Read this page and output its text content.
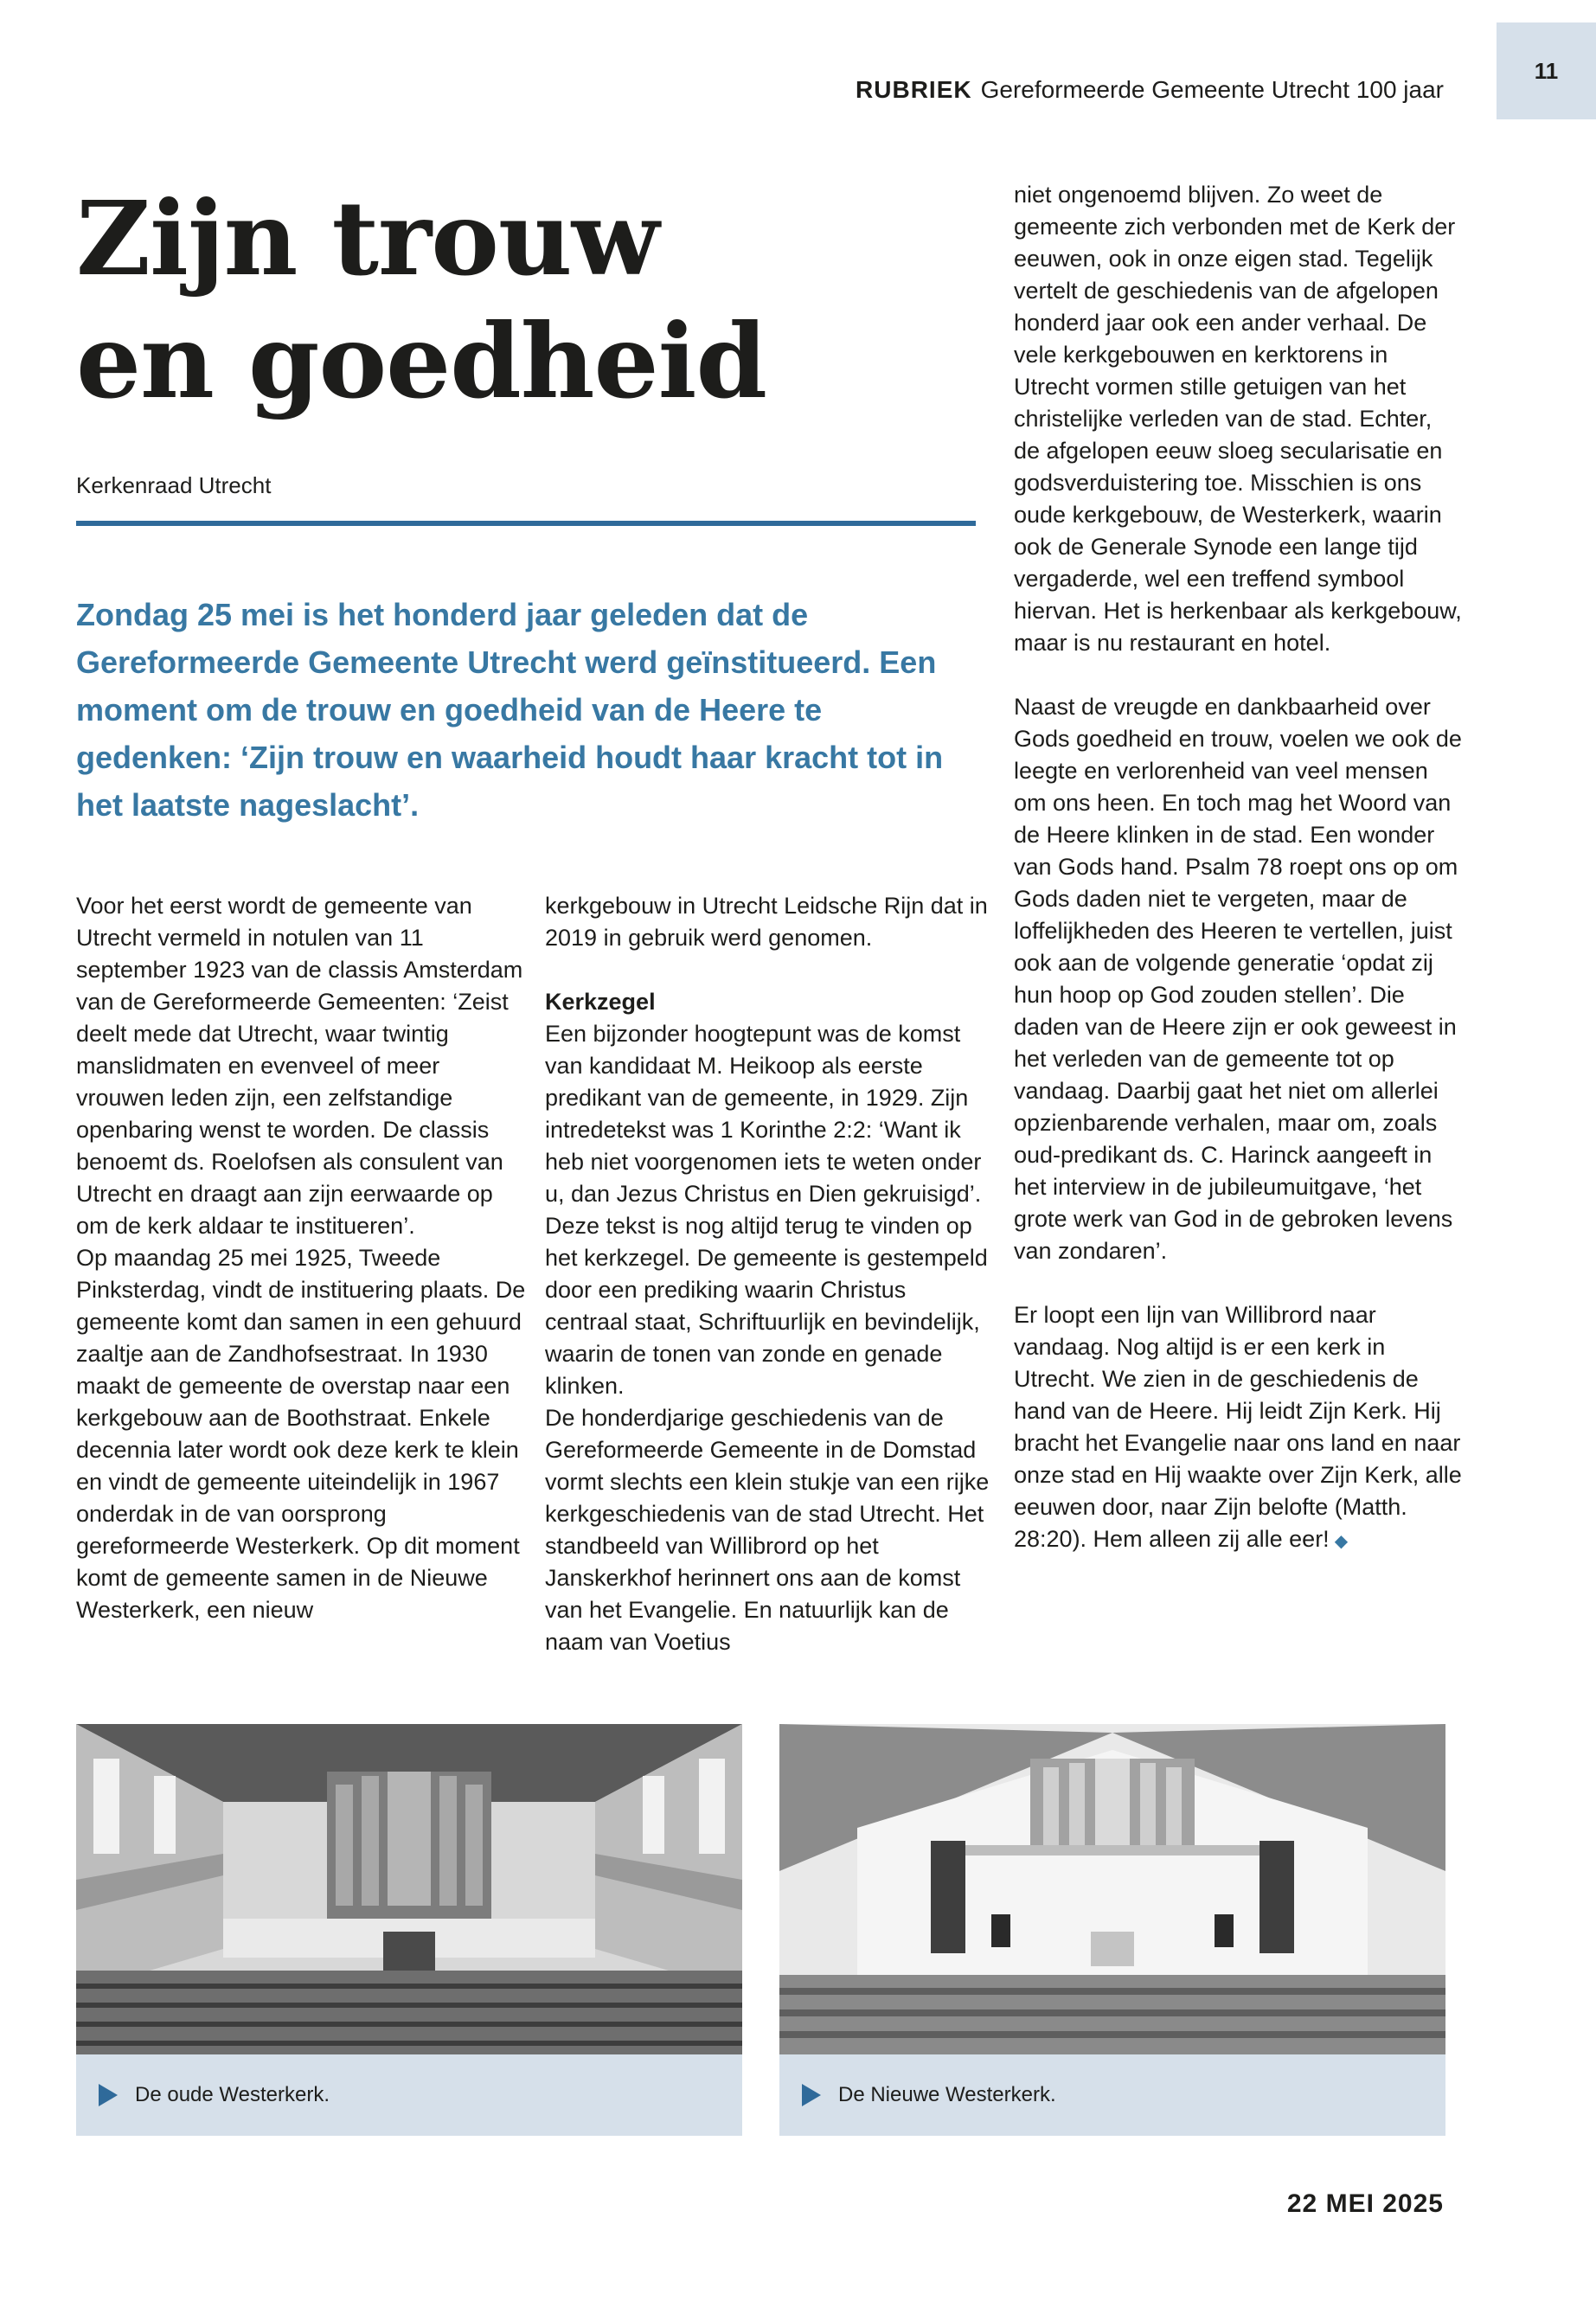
11
RUBRIEK Gereformeerde Gemeente Utrecht 100 jaar
Zijn trouw
en goedheid
Kerkenraad Utrecht

Zondag 25 mei is het honderd jaar geleden dat de Gereformeerde Gemeente Utrecht werd geïnstitueerd. Een moment om de trouw en goedheid van de Heere te gedenken: ‘Zijn trouw en waarheid houdt haar kracht tot in het laatste nageslacht’.

Voor het eerst wordt de gemeente van Utrecht vermeld in notulen van 11 september 1923 van de classis Amsterdam van de Gereformeerde Gemeenten: ‘Zeist deelt mede dat Utrecht, waar twintig manslidmaten en evenveel of meer vrouwen leden zijn, een zelfstandige openbaring wenst te worden. De classis benoemt ds. Roelofsen als consulent van Utrecht en draagt aan zijn eerwaarde op om de kerk aldaar te institueren’.

Op maandag 25 mei 1925, Tweede Pinksterdag, vindt de instituering plaats. De gemeente komt dan samen in een gehuurd zaaltje aan de Zandhofsestraat. In 1930 maakt de gemeente de overstap naar een kerkgebouw aan de Boothstraat. Enkele decennia later wordt ook deze kerk te klein en vindt de gemeente uiteindelijk in 1967 onderdak in de van oorsprong gereformeerde Westerkerk. Op dit moment komt de gemeente samen in de Nieuwe Westerkerk, een nieuw

kerkgebouw in Utrecht Leidsche Rijn dat in 2019 in gebruik werd genomen.

Kerkzegel

Een bijzonder hoogtepunt was de komst van kandidaat M. Heikoop als eerste predikant van de gemeente, in 1929. Zijn intredetekst was 1 Korinthe 2:2: ‘Want ik heb niet voorgenomen iets te weten onder u, dan Jezus Christus en Dien gekruisigd’. Deze tekst is nog altijd terug te vinden op het kerkzegel. De gemeente is gestempeld door een prediking waarin Christus centraal staat, Schriftuurlijk en bevindelijk, waarin de tonen van zonde en genade klinken.

De honderdjarige geschiedenis van de Gereformeerde Gemeente in de Domstad vormt slechts een klein stukje van een rijke kerkgeschiedenis van de stad Utrecht. Het standbeeld van Willibrord op het Janskerkhof herinnert ons aan de komst van het Evangelie. En natuurlijk kan de naam van Voetius

niet ongenoemd blijven. Zo weet de gemeente zich verbonden met de Kerk der eeuwen, ook in onze eigen stad. Tegelijk vertelt de geschiedenis van de afgelopen honderd jaar ook een ander verhaal. De vele kerkgebouwen en kerktorens in Utrecht vormen stille getuigen van het christelijke verleden van de stad. Echter, de afgelopen eeuw sloeg secularisatie en godsverduistering toe. Misschien is ons oude kerkgebouw, de Westerkerk, waarin ook de Generale Synode een lange tijd vergaderde, wel een treffend symbool hiervan. Het is herkenbaar als kerkgebouw, maar is nu restaurant en hotel.

Naast de vreugde en dankbaarheid over Gods goedheid en trouw, voelen we ook de leegte en verlorenheid van veel mensen om ons heen. En toch mag het Woord van de Heere klinken in de stad. Een wonder van Gods hand. Psalm 78 roept ons op om Gods daden niet te vergeten, maar de loffelijkheden des Heeren te vertellen, juist ook aan de volgende generatie ‘opdat zij hun hoop op God zouden stellen’. Die daden van de Heere zijn er ook geweest in het verleden van de gemeente tot op vandaag. Daarbij gaat het niet om allerlei opzienbarende verhalen, maar om, zoals oud-predikant ds. C. Harinck aangeeft in het interview in de jubileumuitgave, ‘het grote werk van God in de gebroken levens van zondaren’.

Er loopt een lijn van Willibrord naar vandaag. Nog altijd is er een kerk in Utrecht. We zien in de geschiedenis de hand van de Heere. Hij leidt Zijn Kerk. Hij bracht het Evangelie naar ons land en naar onze stad en Hij waakte over Zijn Kerk, alle eeuwen door, naar Zijn belofte (Matth. 28:20). Hem alleen zij alle eer! ◆

De oude Westerkerk.	De Nieuwe Westerkerk.
22 MEI 2025
